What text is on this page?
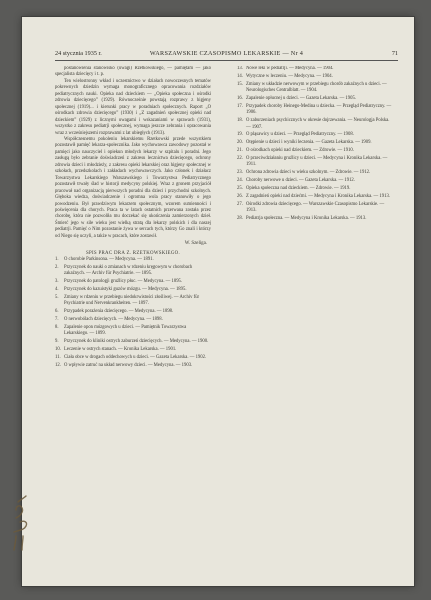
24 stycznia 1935 r.	WARSZAWSKIE CZASOPISMO LEKARSKIE — Nr 4	71

postanowienia stanowisko (uwagi) Rzetkowskiego, — pamiętam — jako specjalista dziecięcy i t. p.

Ten wielostronny wkład i uczestnictwo w działach nowoczesnych tematów pokrewnych dziedzin wymaga monograficznego opracowania rozdziałów pediatrycznych nauki. Opieka nad dzieckiem — „Opieka społeczna i ośrodki zdrowia dziecięcego” (1929). Równocześnie powstają rozprawy z higjeny społecznej (1919)... i kierunki pracy w poradniach społecznych. Raport „O ośrodkach zdrowia dziecięcego” (1930) i „Z zagadnień społecznej opieki nad dzieckiem” (1929) z licznymi uwagami i wskazaniami w sprawach (1931), wszystko z zakresu pediatrji społecznej, wymaga jeszcze zebrania i opracowania wraz z wcześniejszemi rozprawami z lat ubiegłych (1913).

Współczesnemu pokoleniu lekarskiemu Rzetkowski przede wszystkiem pozostawił pamięć lekarza-społecznika. Jako wychowawca zawodowy pozostał w pamięci jako nauczyciel i opiekun młodych lekarzy w szpitalu i poradni. Jego zasługą było zebranie doświadczeń z zakresu lecznictwa dziecięcego, ochrony zdrowia dzieci i młodzieży, z zakresu opieki lekarskiej oraz higjeny społecznej w szkołach, przedszkolach i zakładach wychowawczych. Jako członek i działacz Towarzystwa Lekarskiego Warszawskiego i Towarzystwa Pediatrycznego pozostawił trwały ślad w historji medycyny polskiej. Wraz z gronem przyjaciół pracował nad organizacją pierwszych poradni dla dzieci i przychodni szkolnych. Głęboka wiedza, doświadczenie i ogromna wola pracy stanowiły o jego powodzeniu. Był prawdziwym lekarzem społecznym, wzorem sumienności i poświęcenia dla chorych. Praca ta w latach ostatnich przerwana została przez chorobę, która nie pozwoliła mu doczekać się ukończenia zamierzonych dzieł. Śmierć jego w sile wieku jest wielką stratą dla lekarzy polskich i dla naszej pediatrji. Pamięć o Nim pozostanie żywa w sercach tych, którzy Go znali i którzy od Niego się uczyli, a także w pracach, które zostawił.

W. Szeliga.
SPIS PRAC DRA Z. RZETKOWSKIEGO.
1. O chorobie Parkinsona. — Medycyna. — 1891.
2. Przyczynek do nauki o zmianach w rdzeniu kręgowym w chorobach zakaźnych. — Archiv für Psychiatrie. — 1895.
3. Przyczynek do patologji gruźlicy płuc. — Medycyna. — 1895.
4. Przyczynek do kazuistyki guzów mózgu. — Medycyna. — 1895.
5. Zmiany w rdzeniu w przebiegu niedokrwistości złośliwej. — Archiv für Psychiatrie und Nervenkrankheiten. — 1897.
6. Przypadek porażenia dziecięcego. — Medycyna. — 1898.
7. O nerwobólach dziecięcych. — Medycyna. — 1898.
8. Zapalenie opon mózgowych u dzieci. — Pamiętnik Towarzystwa Lekarskiego. — 1899.
9. Przyczynek do kliniki ostrych zaburzeń dziecięcych. — Medycyna. — 1900.
10. Leczenie w ostrych stanach. — Kronika Lekarska. — 1901.
11. Ciała obce w drogach oddechowych u dzieci. — Gazeta Lekarska. — 1902.
12. O wpływie zatruć na układ nerwowy dzieci. — Medycyna. — 1903.
13. Nowe leki w pediatrji. — Medycyna. — 1904.
14. Wytyczne w leczeniu. — Medycyna. — 1904.
15. Zmiany w układzie nerwowym w przebiegu chorób zakaźnych u dzieci. — Neurologisches Centralblatt. — 1904.
16. Zapalenie opłucnej u dzieci. — Gazeta Lekarska. — 1905.
17. Przypadek choroby Heinego-Medina u dziecka. — Przegląd Pediatryczny. — 1906.
18. O zaburzeniach psychicznych w okresie dojrzewania. — Neurologja Polska. — 1907.
19. O pląsawicy u dzieci. — Przegląd Pediatryczny. — 1908.
20. Otępienie u dzieci i wyniki leczenia. — Gazeta Lekarska. — 1909.
21. O ośrodkach opieki nad dzieckiem. — Zdrowie. — 1910.
22. O przeciwdziałaniu gruźlicy u dzieci. — Medycyna i Kronika Lekarska. — 1911.
23. Ochrona zdrowia dzieci w wieku szkolnym. — Zdrowie. — 1912.
24. Choroby nerwowe u dzieci. — Gazeta Lekarska. — 1912.
25. Opieka społeczna nad dzieckiem. — Zdrowie. — 1919.
26. Z zagadnień opieki nad dziećmi. — Medycyna i Kronika Lekarska. — 1913.
27. Ośrodki zdrowia dziecięcego. — Warszawskie Czasopismo Lekarskie. — 1913.
28. Pediatrja społeczna. — Medycyna i Kronika Lekarska. — 1913.
